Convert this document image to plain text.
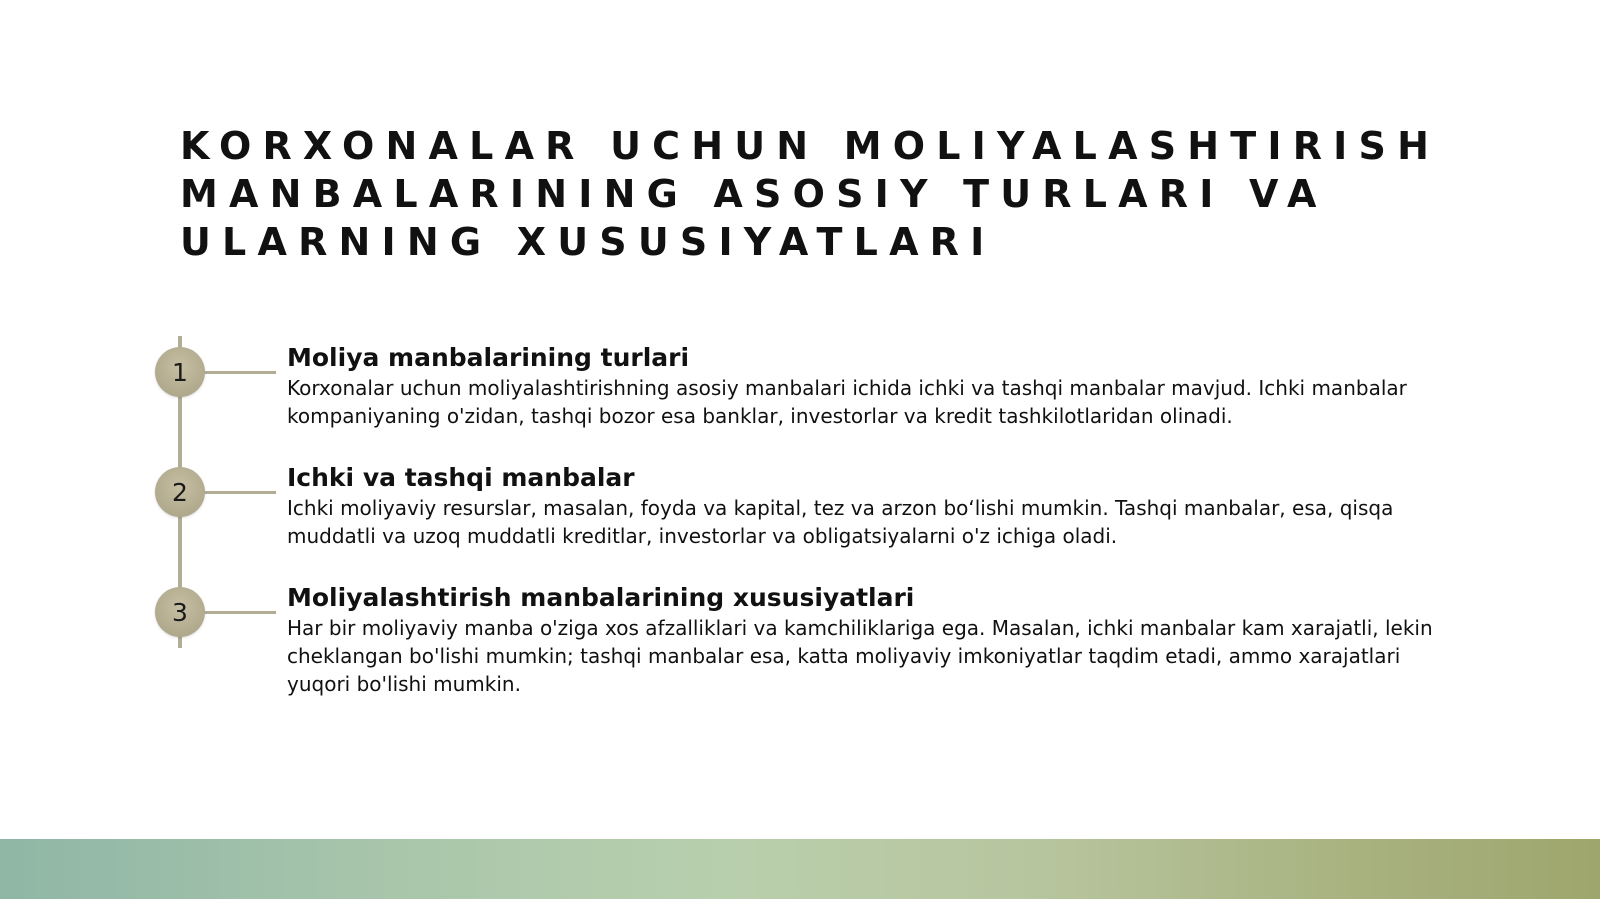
KORXONALAR UCHUN MOLIYALASHTIRISH MANBALARINING ASOSIY TURLARI VA ULARNING XUSUSIYATLARI
1
2
3
Moliya manbalarining turlari

Korxonalar uchun moliyalashtirishning asosiy manbalari ichida ichki va tashqi manbalar mavjud. Ichki manbalar kompaniyaning o'zidan, tashqi bozor esa banklar, investorlar va kredit tashkilotlaridan olinadi.

Ichki va tashqi manbalar

Ichki moliyaviy resurslar, masalan, foyda va kapital, tez va arzon bo‘lishi mumkin. Tashqi manbalar, esa, qisqa muddatli va uzoq muddatli kreditlar, investorlar va obligatsiyalarni o'z ichiga oladi.

Moliyalashtirish manbalarining xususiyatlari

Har bir moliyaviy manba o'ziga xos afzalliklari va kamchiliklariga ega. Masalan, ichki manbalar kam xarajatli, lekin cheklangan bo'lishi mumkin; tashqi manbalar esa, katta moliyaviy imkoniyatlar taqdim etadi, ammo xarajatlari yuqori bo'lishi mumkin.
